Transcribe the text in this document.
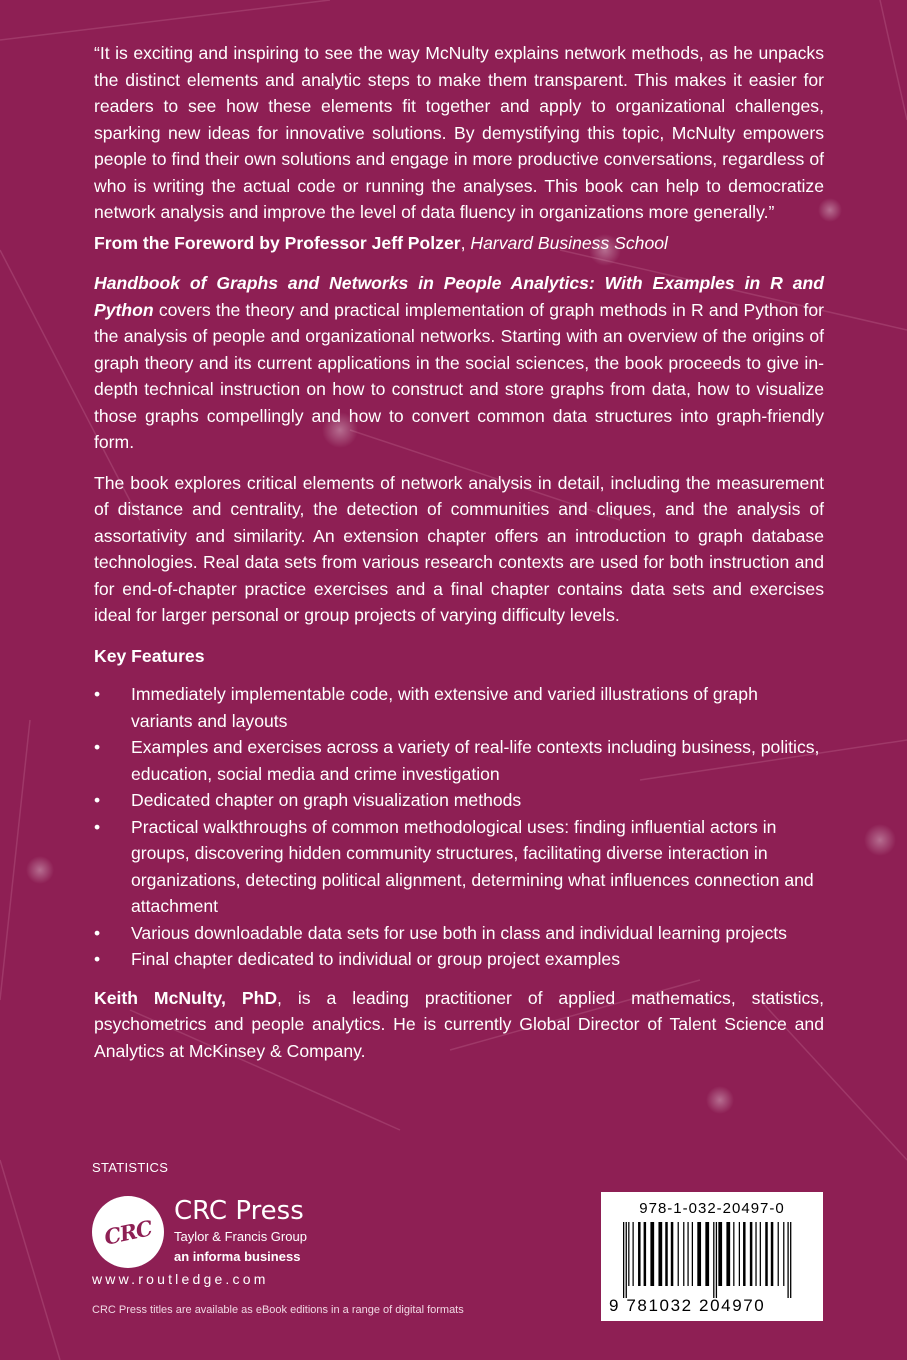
“It is exciting and inspiring to see the way McNulty explains network methods, as he unpacks the distinct elements and analytic steps to make them transparent. This makes it easier for readers to see how these elements fit together and apply to organizational challenges, sparking new ideas for innovative solutions. By demystifying this topic, McNulty empowers people to find their own solutions and engage in more productive conversations, regardless of who is writing the actual code or running the analyses. This book can help to democratize network analysis and improve the level of data fluency in organizations more generally.”

From the Foreword by Professor Jeff Polzer, Harvard Business School

Handbook of Graphs and Networks in People Analytics: With Examples in R and Python covers the theory and practical implementation of graph methods in R and Python for the analysis of people and organizational networks. Starting with an overview of the origins of graph theory and its current applications in the social sciences, the book proceeds to give in-depth technical instruction on how to construct and store graphs from data, how to visualize those graphs compellingly and how to convert common data structures into graph-friendly form.

The book explores critical elements of network analysis in detail, including the measurement of distance and centrality, the detection of communities and cliques, and the analysis of assortativity and similarity. An extension chapter offers an introduction to graph database technologies. Real data sets from various research contexts are used for both instruction and for end-of-chapter practice exercises and a final chapter contains data sets and exercises ideal for larger personal or group projects of varying difficulty levels.

Key Features

• Immediately implementable code, with extensive and varied illustrations of graph variants and layouts
• Examples and exercises across a variety of real-life contexts including business, politics, education, social media and crime investigation
• Dedicated chapter on graph visualization methods
• Practical walkthroughs of common methodological uses: finding influential actors in groups, discovering hidden community structures, facilitating diverse interaction in organizations, detecting political alignment, determining what influences connection and attachment
• Various downloadable data sets for use both in class and individual learning projects
• Final chapter dedicated to individual or group project examples

Keith McNulty, PhD, is a leading practitioner of applied mathematics, statistics, psychometrics and people analytics. He is currently Global Director of Talent Science and Analytics at McKinsey & Company.

STATISTICS
CRC
CRC Press
Taylor & Francis Group
an informa business
www.routledge.com
CRC Press titles are available as eBook editions in a range of digital formats
978-1-032-20497-0
9 781032 204970
